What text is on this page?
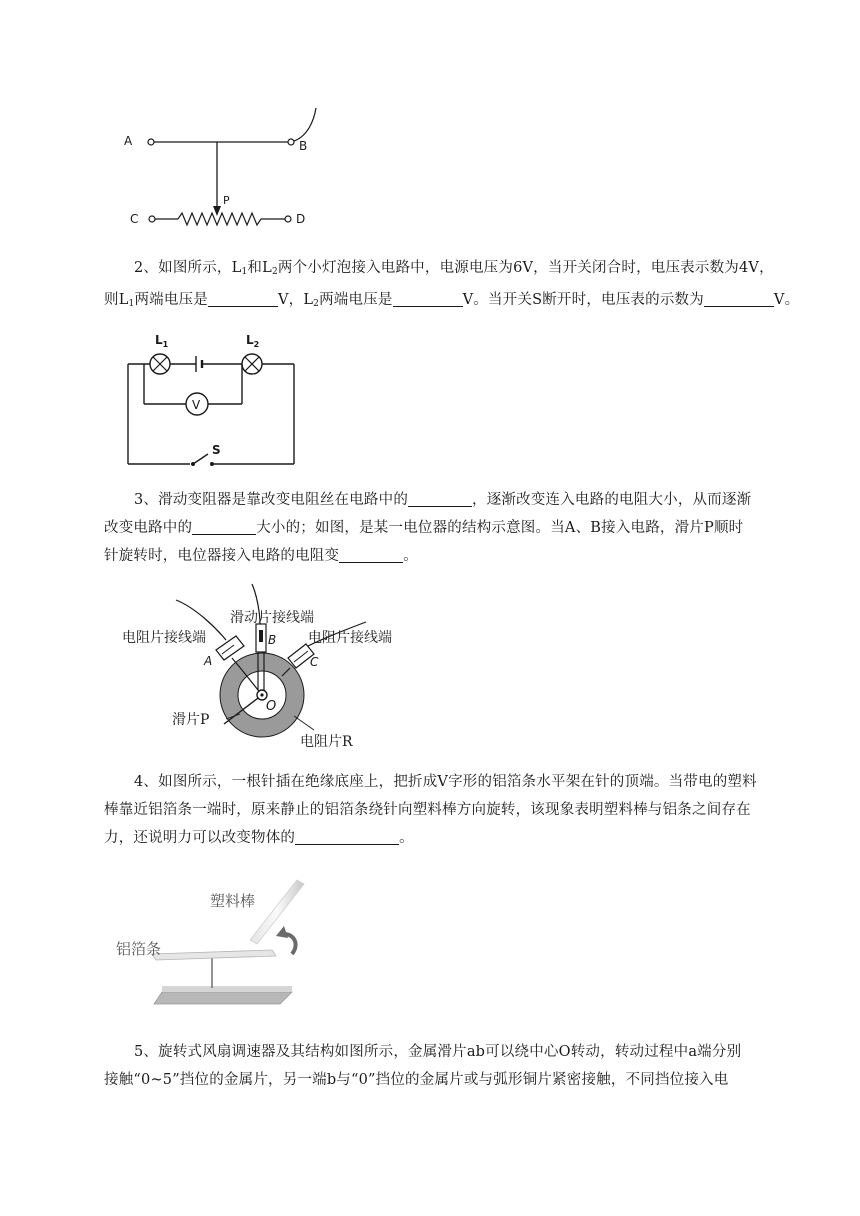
A	B
P
C	D
2、如图所示，$L_1$和$L_2$两个小灯泡接入电路中，电源电压为6V，当开关闭合时，电压表示数为4V，
则$L_1$两端电压是	V，$L_2$两端电压是	V。当开关S断开时，电压表的示数为	V。
$L_1$	$L_2$
V
S
3、滑动变阻器是靠改变电阻丝在电路中的	，逐渐改变连入电路的电阻大小，从而逐渐
改变电路中的	大小的；如图，是某一电位器的结构示意图。当A、B接入电路，滑片P顺时
针旋转时，电位器接入电路的电阻变	。
滑动片接线端
电阻片接线端	电阻片接线端
A
B
C
O
滑片P
电阻片R
4、如图所示，一根针插在绝缘底座上，把折成V字形的铝箔条水平架在针的顶端。当带电的塑料
棒靠近铝箔条一端时，原来静止的铝箔条绕针向塑料棒方向旋转，该现象表明塑料棒与铝条之间存在
力，还说明力可以改变物体的	。
塑料棒
铝箔条
5、旋转式风扇调速器及其结构如图所示，金属滑片ab可以绕中心O转动，转动过程中a端分别
接触“0~5”挡位的金属片，另一端b与“0”挡位的金属片或与弧形铜片紧密接触，不同挡位接入电
